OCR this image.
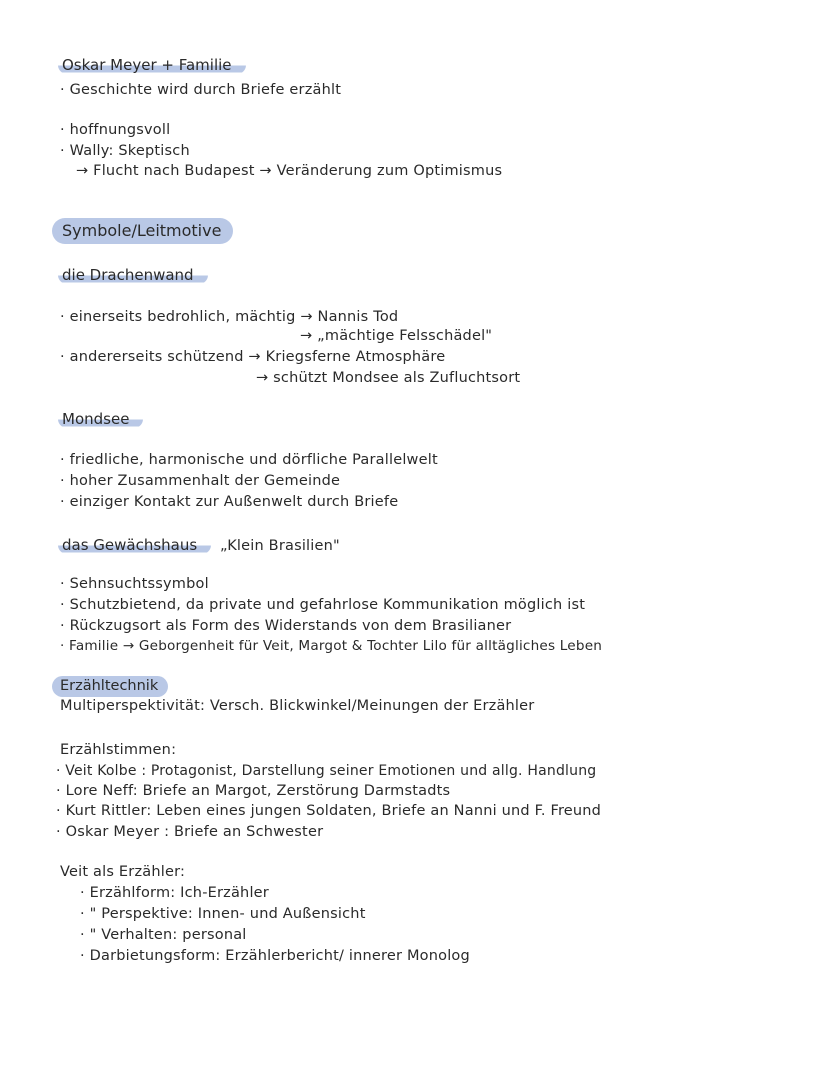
Oskar Meyer + Familie
· Geschichte wird durch Briefe erzählt
· hoffnungsvoll
· Wally: Skeptisch
→ Flucht nach Budapest → Veränderung zum Optimismus
Symbole/Leitmotive
die Drachenwand
· einerseits bedrohlich, mächtig → Nannis Tod
→ „mächtige Felsschädel"
· andererseits schützend → Kriegsferne Atmosphäre
→ schützt Mondsee als Zufluchtsort
Mondsee
· friedliche, harmonische und dörfliche Parallelwelt
· hoher Zusammenhalt der Gemeinde
· einziger Kontakt zur Außenwelt durch Briefe
das Gewächshaus	„Klein Brasilien"
· Sehnsuchtssymbol
· Schutzbietend, da private und gefahrlose Kommunikation möglich ist
· Rückzugsort als Form des Widerstands von dem Brasilianer
· Familie → Geborgenheit für Veit, Margot & Tochter Lilo für alltägliches Leben
Erzähltechnik
Multiperspektivität: Versch. Blickwinkel/Meinungen der Erzähler
Erzählstimmen:
· Veit Kolbe : Protagonist, Darstellung seiner Emotionen und allg. Handlung
· Lore Neff: Briefe an Margot, Zerstörung Darmstadts
· Kurt Rittler: Leben eines jungen Soldaten, Briefe an Nanni und F. Freund
· Oskar Meyer : Briefe an Schwester
Veit als Erzähler:
· Erzählform: Ich-Erzähler
· " Perspektive: Innen- und Außensicht
· " Verhalten: personal
· Darbietungsform: Erzählerbericht/ innerer Monolog
